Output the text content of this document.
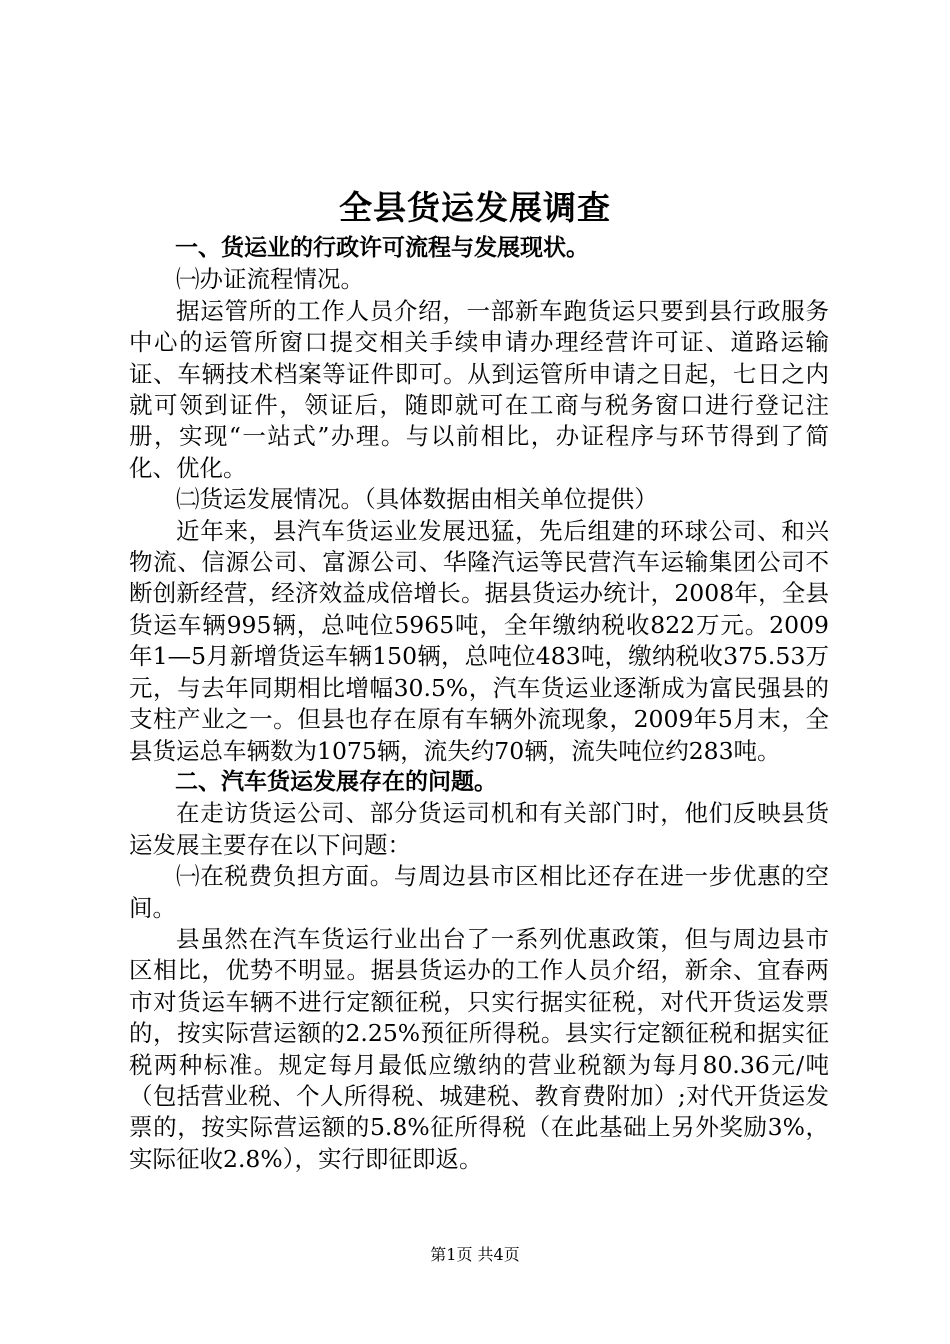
全县货运发展调查

一、货运业的行政许可流程与发展现状。

㈠办证流程情况。

据运管所的工作人员介绍，一部新车跑货运只要到县行政服务中心的运管所窗口提交相关手续申请办理经营许可证、道路运输证、车辆技术档案等证件即可。从到运管所申请之日起，七日之内就可领到证件，领证后，随即就可在工商与税务窗口进行登记注册，实现“一站式”办理。与以前相比，办证程序与环节得到了简化、优化。

㈡货运发展情况。（具体数据由相关单位提供）

近年来，县汽车货运业发展迅猛，先后组建的环球公司、和兴物流、信源公司、富源公司、华隆汽运等民营汽车运输集团公司不断创新经营，经济效益成倍增长。据县货运办统计，2008年，全县货运车辆995辆，总吨位5965吨，全年缴纳税收822万元。2009年1—5月新增货运车辆150辆，总吨位483吨，缴纳税收375.53万元，与去年同期相比增幅30.5%，汽车货运业逐渐成为富民强县的支柱产业之一。但县也存在原有车辆外流现象，2009年5月末，全县货运总车辆数为1075辆，流失约70辆，流失吨位约283吨。

二、汽车货运发展存在的问题。

在走访货运公司、部分货运司机和有关部门时，他们反映县货运发展主要存在以下问题：

㈠在税费负担方面。与周边县市区相比还存在进一步优惠的空间。

县虽然在汽车货运行业出台了一系列优惠政策，但与周边县市区相比，优势不明显。据县货运办的工作人员介绍，新余、宜春两市对货运车辆不进行定额征税，只实行据实征税，对代开货运发票的，按实际营运额的2.25%预征所得税。县实行定额征税和据实征税两种标准。规定每月最低应缴纳的营业税额为每月80.36元/吨（包括营业税、个人所得税、城建税、教育费附加）;对代开货运发票的，按实际营运额的5.8%征所得税（在此基础上另外奖励3%，实际征收2.8%），实行即征即返。

第1页 共4页
